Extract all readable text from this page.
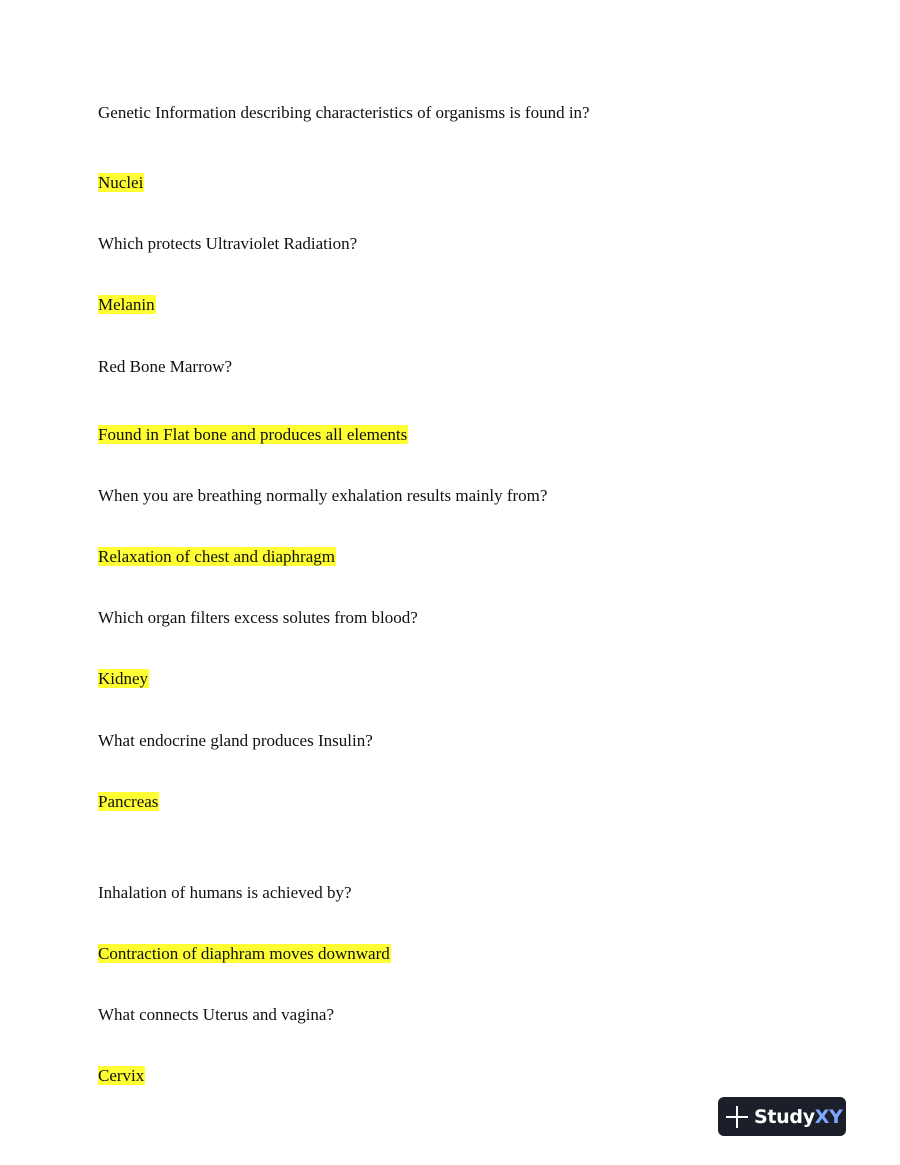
Genetic Information describing characteristics of organisms is found in?
Nuclei
Which protects Ultraviolet Radiation?
Melanin
Red Bone Marrow?
Found in Flat bone and produces all elements
When you are breathing normally exhalation results mainly from?
Relaxation of chest and diaphragm
Which organ filters excess solutes from blood?
Kidney
What endocrine gland produces Insulin?
Pancreas
Inhalation of humans is achieved by?
Contraction of diaphram moves downward
What connects Uterus and vagina?
Cervix
StudyXY
